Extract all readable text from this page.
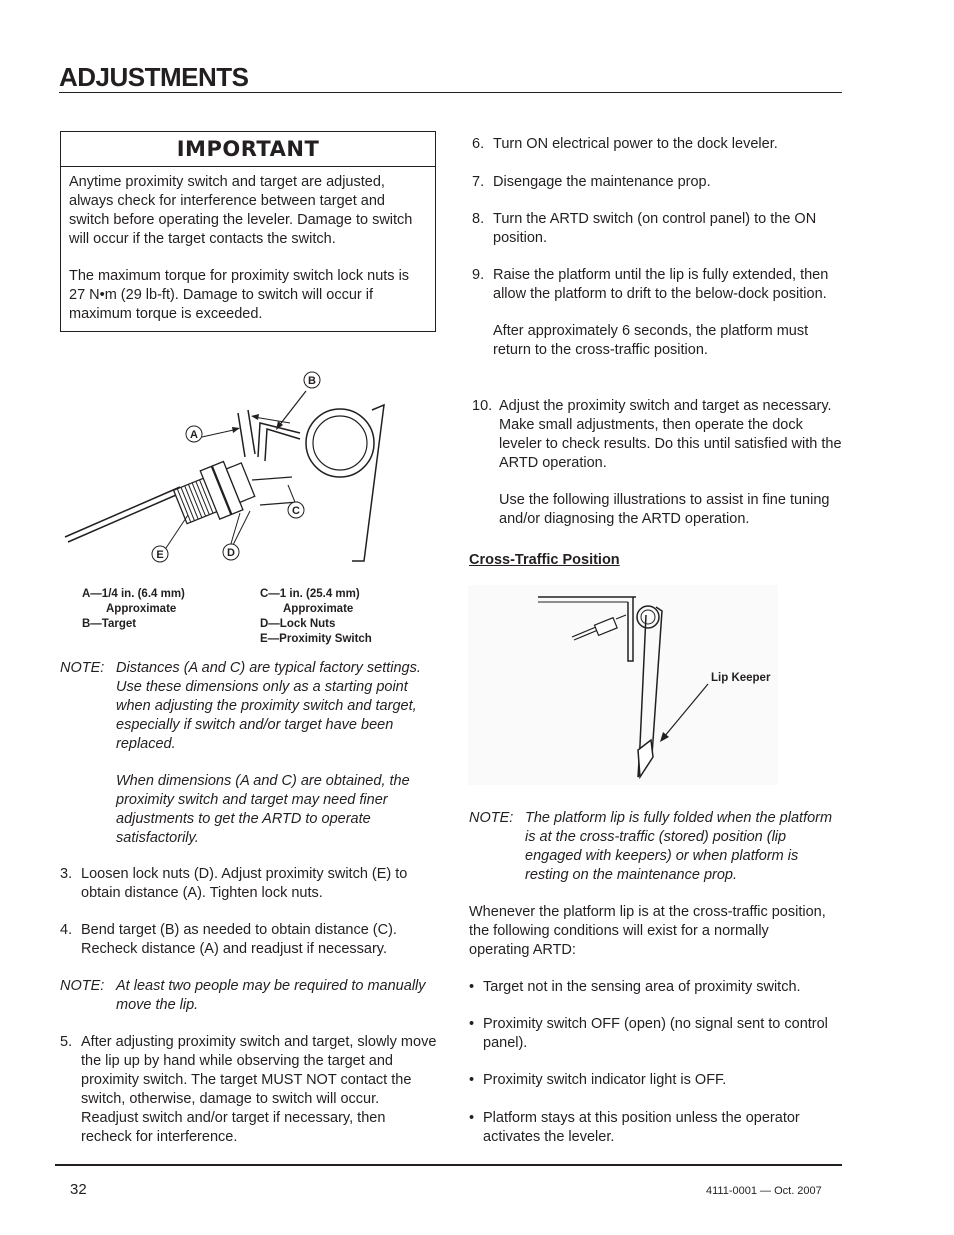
ADJUSTMENTS
IMPORTANT

Anytime proximity switch and target are adjusted, always check for interference between target and switch before operating the leveler. Damage to switch will occur if the target contacts the switch.

The maximum torque for proximity switch lock nuts is 27 N•m (29 lb-ft). Damage to switch will occur if maximum torque is exceeded.

A
B
C
D
E
A—1/4 in. (6.4 mm)
Approximate
B—Target
C—1 in. (25.4 mm)
Approximate
D—Lock Nuts
E—Proximity Switch
NOTE: Distances (A and C) are typical factory settings. Use these dimensions only as a starting point when adjusting the proximity switch and target, especially if switch and/or target have been replaced.
When dimensions (A and C) are obtained, the proximity switch and target may need finer adjustments to get the ARTD to operate satisfactorily.
3. Loosen lock nuts (D). Adjust proximity switch (E) to obtain distance (A). Tighten lock nuts.
4. Bend target (B) as needed to obtain distance (C). Recheck distance (A) and readjust if necessary.
NOTE: At least two people may be required to manually move the lip.
5. After adjusting proximity switch and target, slowly move the lip up by hand while observing the target and proximity switch. The target MUST NOT contact the switch, otherwise, damage to switch will occur. Readjust switch and/or target if necessary, then recheck for interference.
6. Turn ON electrical power to the dock leveler.
7. Disengage the maintenance prop.
8. Turn the ARTD switch (on control panel) to the ON position.
9. Raise the platform until the lip is fully extended, then allow the platform to drift to the below-dock position.
After approximately 6 seconds, the platform must return to the cross-traffic position.
10. Adjust the proximity switch and target as necessary. Make small adjustments, then operate the dock leveler to check results. Do this until satisfied with the ARTD operation.
Use the following illustrations to assist in fine tuning and/or diagnosing the ARTD operation.
Cross-Traffic Position
Lip Keeper
NOTE: The platform lip is fully folded when the platform is at the cross-traffic (stored) position (lip engaged with keepers) or when platform is resting on the maintenance prop.
Whenever the platform lip is at the cross-traffic position, the following conditions will exist for a normally operating ARTD:
• Target not in the sensing area of proximity switch.
• Proximity switch OFF (open) (no signal sent to control panel).
• Proximity switch indicator light is OFF.
• Platform stays at this position unless the operator activates the leveler.
32	4111-0001 — Oct. 2007
